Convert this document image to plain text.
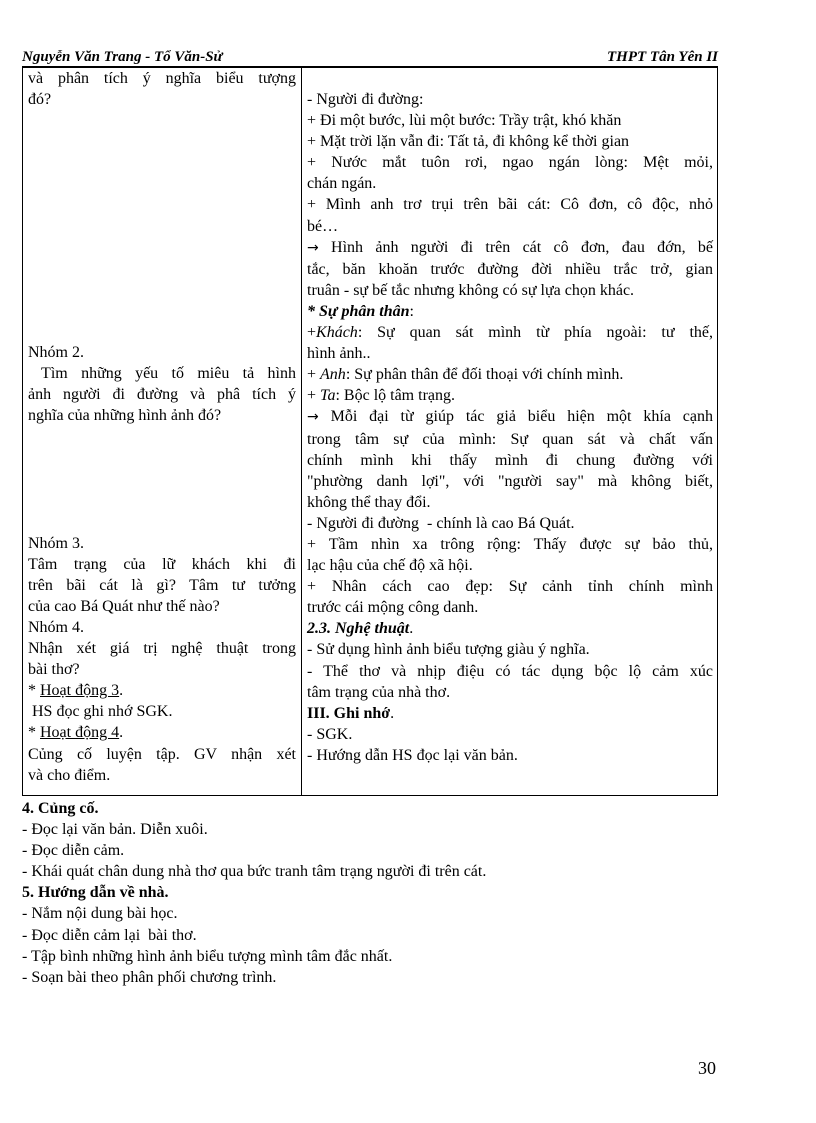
Nguyễn Văn Trang - Tổ Văn-Sử	THPT Tân Yên II
và phân tích ý nghĩa biểu tượng
đó?
Nhóm 2.
Tìm những yếu tố miêu tả hình
ảnh người đi đường và phâ tích ý
nghĩa của những hình ảnh đó?
Nhóm 3.
Tâm trạng của lữ khách khi đi
trên bãi cát là gì? Tâm tư tưởng
của cao Bá Quát như thế nào?
Nhóm 4.
Nhận xét giá trị nghệ thuật trong
bài thơ?
* Hoạt động 3.
HS đọc ghi nhớ SGK.
* Hoạt động 4.
Củng cố luyện tập. GV nhận xét
và cho điểm.
- Người đi đường:
+ Đi một bước, lùi một bước: Trầy trật, khó khăn
+ Mặt trời lặn vẫn đi: Tất tả, đi không kể thời gian
+ Nước mắt tuôn rơi, ngao ngán lòng: Mệt mỏi,
chán ngán.
+ Mình anh trơ trụi trên bãi cát: Cô đơn, cô độc, nhỏ
bé…
→ Hình ảnh người đi trên cát cô đơn, đau đớn, bế
tắc, băn khoăn trước đường đời nhiều trắc trở, gian
truân - sự bế tắc nhưng không có sự lựa chọn khác.
* Sự phân thân:
+Khách: Sự quan sát mình từ phía ngoài: tư thế,
hình ảnh..
+ Anh: Sự phân thân để đối thoại với chính mình.
+ Ta: Bộc lộ tâm trạng.
→ Mỗi đại từ giúp tác giả biểu hiện một khía cạnh
trong tâm sự của mình: Sự quan sát và chất vấn
chính mình khi thấy mình đi chung đường với
"phường danh lợi", với "người say" mà không biết,
không thể thay đổi.
- Người đi đường  - chính là cao Bá Quát.
+ Tầm nhìn xa trông rộng: Thấy được sự bảo thủ,
lạc hậu của chế độ xã hội.
+ Nhân cách cao đẹp: Sự cảnh tỉnh chính mình
trước cái mộng công danh.
2.3. Nghệ thuật.
- Sử dụng hình ảnh biểu tượng giàu ý nghĩa.
- Thể thơ và nhịp điệu có tác dụng bộc lộ cảm xúc
tâm trạng của nhà thơ.
III. Ghi nhớ.
- SGK.
- Hướng dẫn HS đọc lại văn bản.
4. Củng cố.
- Đọc lại văn bản. Diễn xuôi.
- Đọc diễn cảm.
- Khái quát chân dung nhà thơ qua bức tranh tâm trạng người đi trên cát.
5. Hướng dẫn về nhà.
- Nắm nội dung bài học.
- Đọc diễn cảm lại  bài thơ.
- Tập bình những hình ảnh biểu tượng mình tâm đắc nhất.
- Soạn bài theo phân phối chương trình.
30
